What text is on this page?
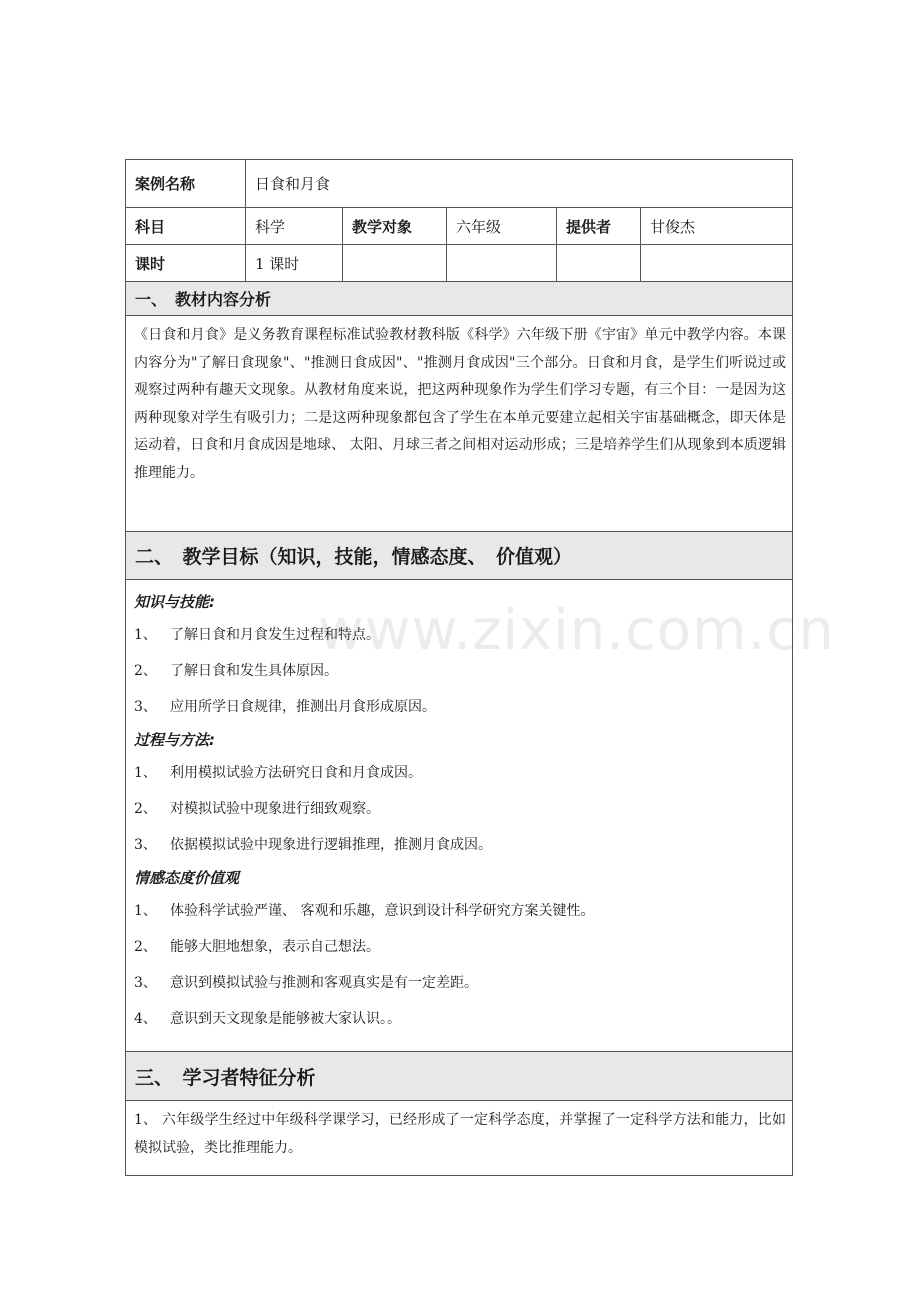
www.zixin.com.cn
案例名称	日食和月食
科目	科学	教学对象	六年级	提供者	甘俊杰
课时	1 课时
一、　教材内容分析
《日食和月食》是义务教育课程标准试验教材教科版《科学》六年级下册《宇宙》单元中教学内容。本课内容分为"了解日食现象"、"推测日食成因"、"推测月食成因"三个部分。日食和月食，是学生们听说过或观察过两种有趣天文现象。从教材角度来说，把这两种现象作为学生们学习专题，有三个目：一是因为这两种现象对学生有吸引力；二是这两种现象都包含了学生在本单元要建立起相关宇宙基础概念，即天体是运动着，日食和月食成因是地球、 太阳、月球三者之间相对运动形成；三是培养学生们从现象到本质逻辑推理能力。
二、　教学目标（知识，技能，情感态度、　价值观）
知识与技能:
1、 了解日食和月食发生过程和特点。
2、 了解日食和发生具体原因。
3、 应用所学日食规律，推测出月食形成原因。
过程与方法:
1、 利用模拟试验方法研究日食和月食成因。
2、 对模拟试验中现象进行细致观察。
3、 依据模拟试验中现象进行逻辑推理，推测月食成因。
情感态度价值观
1、 体验科学试验严谨、 客观和乐趣，意识到设计科学研究方案关键性。
2、 能够大胆地想象，表示自己想法。
3、 意识到模拟试验与推测和客观真实是有一定差距。
4、 意识到天文现象是能够被大家认识。。
三、　学习者特征分析
1、 六年级学生经过中年级科学课学习，已经形成了一定科学态度，并掌握了一定科学方法和能力，比如模拟试验，类比推理能力。
